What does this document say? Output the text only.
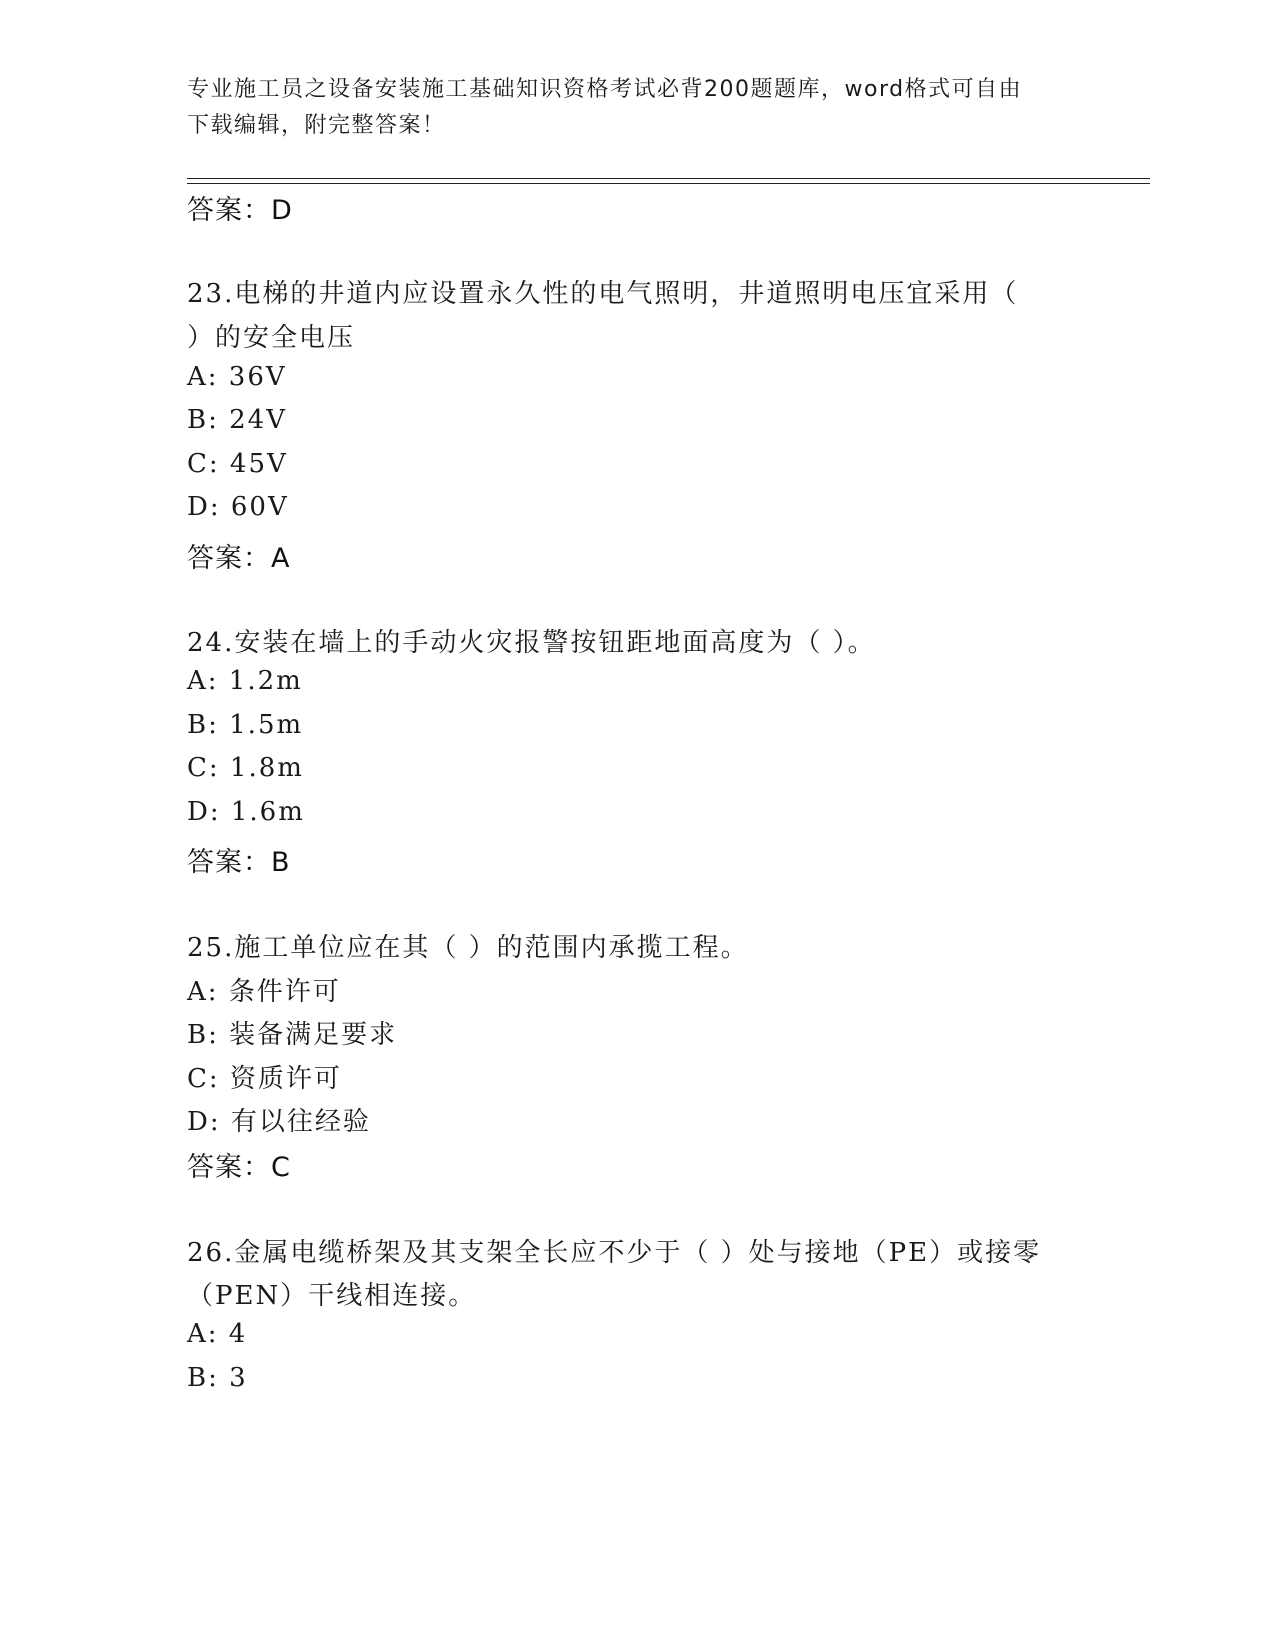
专业施工员之设备安装施工基础知识资格考试必背200题题库，word格式可自由
下载编辑，附完整答案！
答案：D
23.电梯的井道内应设置永久性的电气照明，井道照明电压宜采用（
）的安全电压
A: 36V
B: 24V
C: 45V
D: 60V
答案：A
24.安装在墙上的手动火灾报警按钮距地面高度为（ ）。
A: 1.2m
B: 1.5m
C: 1.8m
D: 1.6m
答案：B
25.施工单位应在其（ ）的范围内承揽工程。
A: 条件许可
B: 装备满足要求
C: 资质许可
D: 有以往经验
答案：C
26.金属电缆桥架及其支架全长应不少于（ ）处与接地（PE）或接零
（PEN）干线相连接。
A: 4
B: 3
